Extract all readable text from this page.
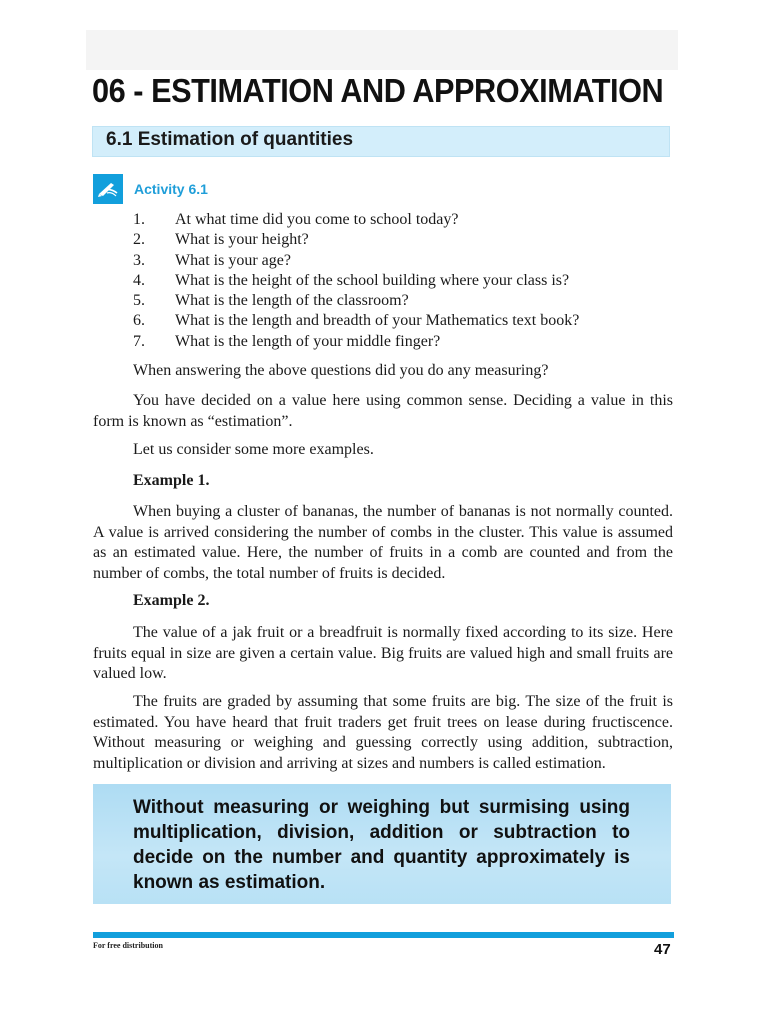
06 - ESTIMATION AND APPROXIMATION
6.1 Estimation of quantities
Activity 6.1
1. At what time did you come to school today?
2. What is your height?
3. What is your age?
4. What is the height of the school building where your class is?
5. What is the length of the classroom?
6. What is the length and breadth of your Mathematics text book?
7. What is the length of your middle finger?

When answering the above questions did you do any measuring?

You have decided on a value here using common sense. Deciding a value in this form is known as “estimation”.

Let us consider some more examples.

Example 1.

When buying a cluster of bananas, the number of bananas is not normally counted. A value is arrived considering the number of combs in the cluster. This value is assumed as an estimated value. Here, the number of fruits in a comb are counted and from the number of combs, the total number of fruits is decided.

Example 2.

The value of a jak fruit or a breadfruit is normally fixed according to its size. Here fruits equal in size are given a certain value. Big fruits are valued high and small fruits are valued low.

The fruits are graded by assuming that some fruits are big. The size of the fruit is estimated. You have heard that fruit traders get fruit trees on lease during fructiscence. Without measuring or weighing and guessing correctly using addition, subtraction, multiplication or division and arriving at sizes and numbers is called estimation.

Without measuring or weighing but surmising using multiplication, division, addition or subtraction to decide on the number and quantity approximately is known as estimation.
For free distribution	47
